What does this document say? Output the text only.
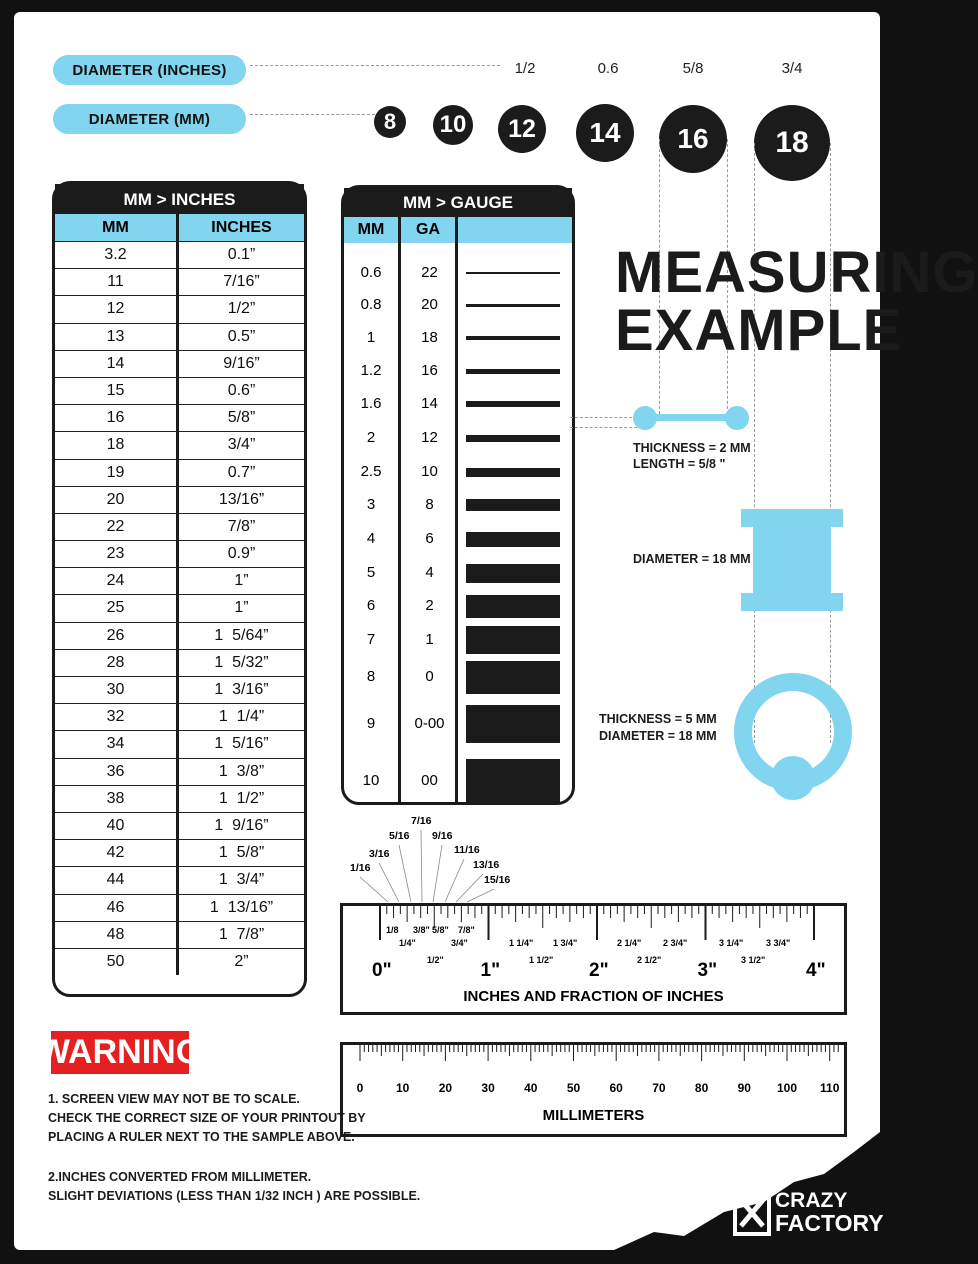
DIAMETER (INCHES)
DIAMETER (MM)
1/2	0.6	5/8	3/4
8	10	12	14	16	18
MM > INCHES
MM	INCHES
3.2	0.1”
11	7/16”
12	1/2”
13	0.5”
14	9/16”
15	0.6”
16	5/8”
18	3/4”
19	0.7”
20	13/16”
22	7/8”
23	0.9”
24	1”
25	1”
26	1  5/64”
28	1  5/32”
30	1  3/16”
32	1  1/4”
34	1  5/16”
36	1  3/8”
38	1  1/2”
40	1  9/16”
42	1  5/8”
44	1  3/4”
46	1  13/16”
48	1  7/8”
50	2”
MM > GAUGE
MM	GA
0.6	22
0.8	20
1	18
1.2	16
1.6	14
2	12
2.5	10
3	8
4	6
5	4
6	2
7	1
8	0
9	0-00
10	00
MEASURING
EXAMPLE
THICKNESS = 2 MM
LENGTH = 5/8 "
DIAMETER = 18 MM
THICKNESS = 5 MM
DIAMETER = 18 MM
1/16
3/16
5/16
7/16
9/16
11/16
13/16
15/16
1/8 3/8" 5/8" 7/8"
1/4"	3/4"
1/2"
1 1/4" 1 3/4"
1 1/2"
2 1/4" 2 3/4"
2 1/2"
3 1/4"	3 3/4"
3 1/2"
0"	1"	2"	3"	4"
INCHES AND FRACTION OF INCHES
0	10 20 30 40 50 60 70 80 90 100 110
MILLIMETERS
WARNING
1. SCREEN VIEW MAY NOT BE TO SCALE.
CHECK THE CORRECT SIZE OF YOUR PRINTOUT BY
PLACING A RULER NEXT TO THE SAMPLE ABOVE.
2.INCHES CONVERTED FROM MILLIMETER.
SLIGHT DEVIATIONS (LESS THAN 1/32 INCH ) ARE POSSIBLE.	CRAZY
FACTORY
